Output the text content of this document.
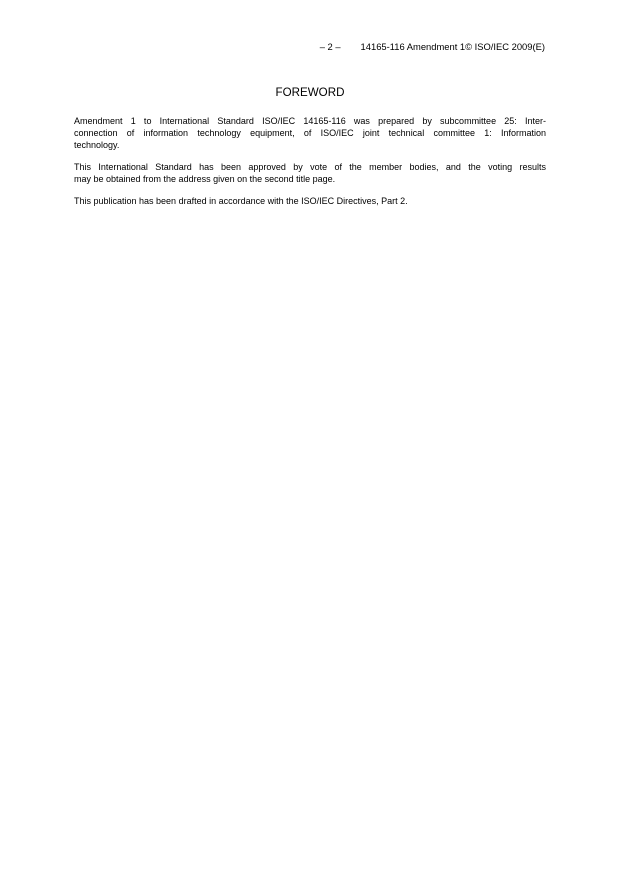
– 2 – 14165-116 Amendment 1© ISO/IEC 2009(E)
FOREWORD
Amendment 1 to International Standard ISO/IEC 14165-116 was prepared by subcommittee 25: Inter-
connection of information technology equipment, of ISO/IEC joint technical committee 1: Information
technology.
This International Standard has been approved by vote of the member bodies, and the voting results
may be obtained from the address given on the second title page.
This publication has been drafted in accordance with the ISO/IEC Directives, Part 2.
